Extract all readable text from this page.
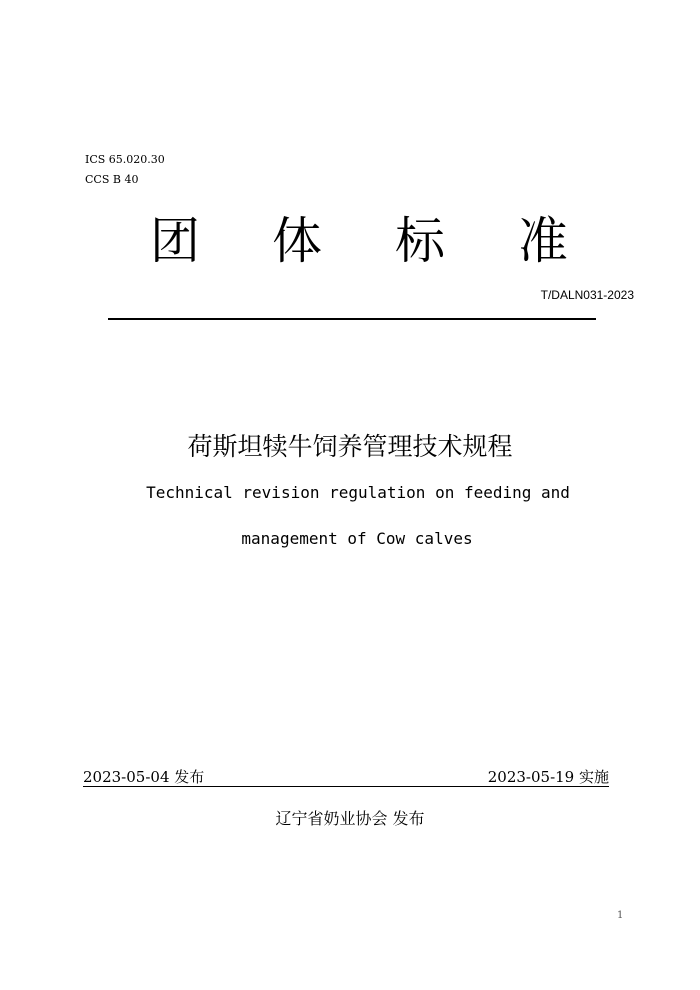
ICS 65.020.30
CCS B 40
团 体 标 准
T/DALN031-2023
荷斯坦犊牛饲养管理技术规程
Technical revision regulation on feeding and
management of Cow calves
2023-05-04 发布	2023-05-19 实施
辽宁省奶业协会 发布
1
